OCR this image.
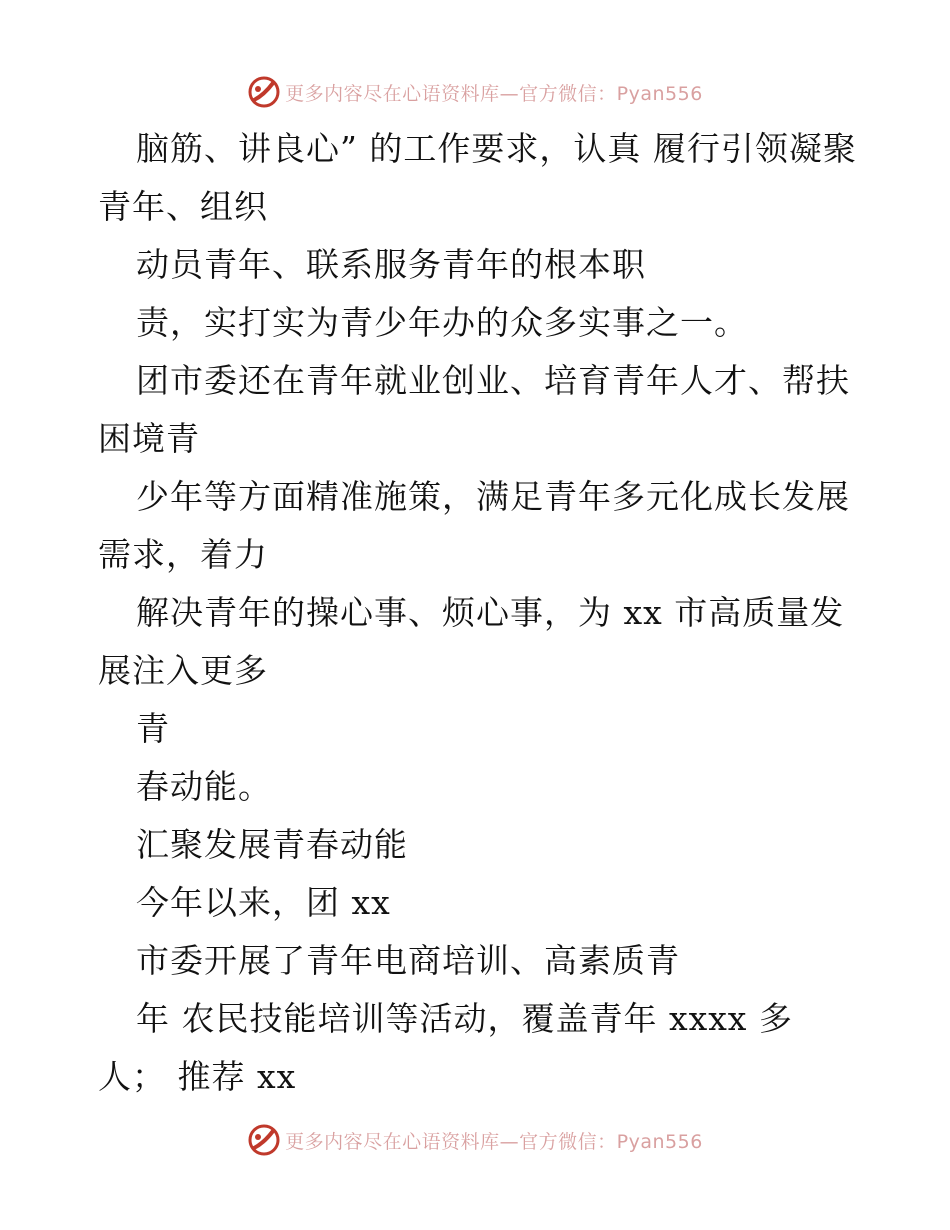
更多内容尽在心语资料库—官方微信：Pyan556

脑筋、讲良心” 的工作要求，认真 履行引领凝聚青年、组织

动员青年、联系服务青年的根本职

责，实打实为青少年办的众多实事之一。

团市委还在青年就业创业、培育青年人才、帮扶困境青

少年等方面精准施策，满足青年多元化成长发展需求，着力

解决青年的操心事、烦心事，为 xx 市高质量发展注入更多

青

春动能。

汇聚发展青春动能

今年以来，团 xx

市委开展了青年电商培训、高素质青

年 农民技能培训等活动，覆盖青年 xxxx 多人； 推荐 xx

更多内容尽在心语资料库—官方微信：Pyan556
